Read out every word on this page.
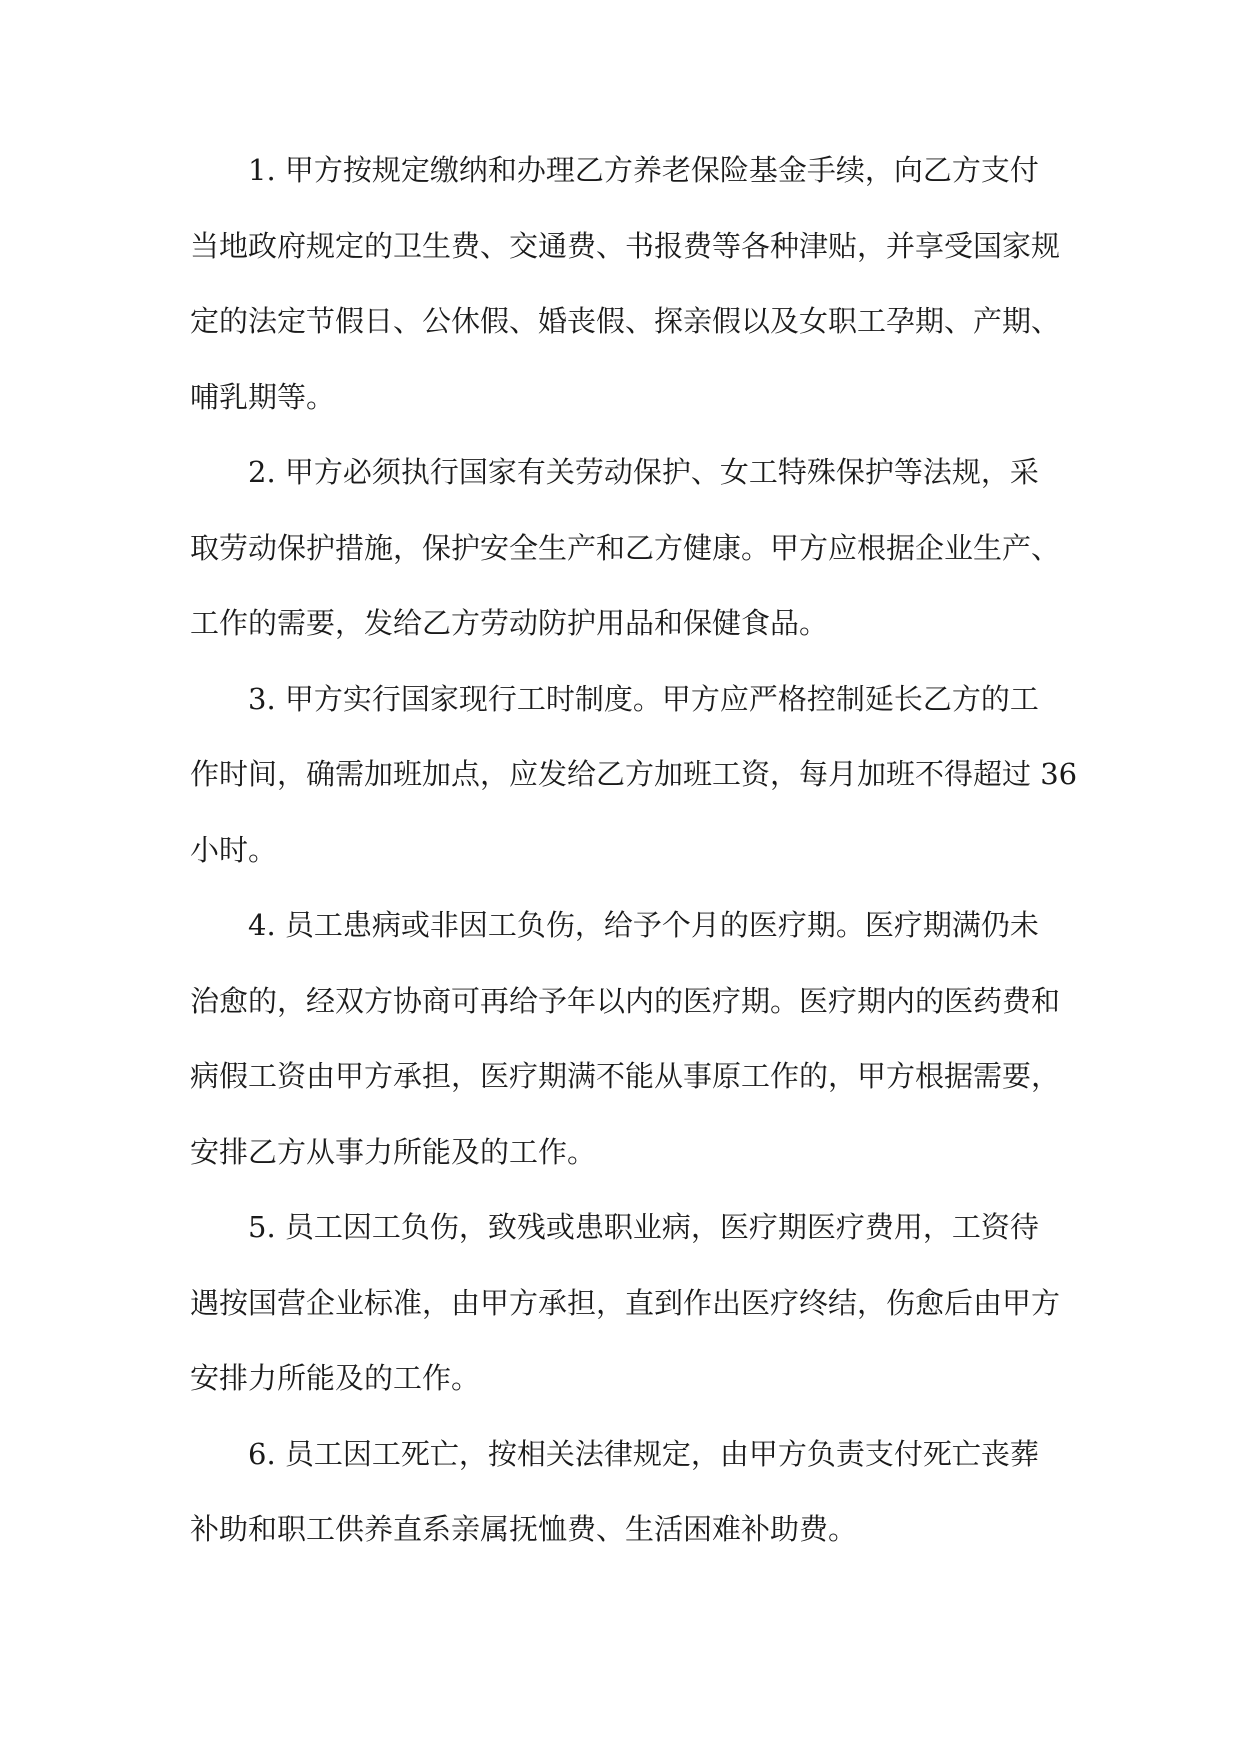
1. 甲方按规定缴纳和办理乙方养老保险基金手续，向乙方支付
当地政府规定的卫生费、交通费、书报费等各种津贴，并享受国家规
定的法定节假日、公休假、婚丧假、探亲假以及女职工孕期、产期、
哺乳期等。
2. 甲方必须执行国家有关劳动保护、女工特殊保护等法规，采
取劳动保护措施，保护安全生产和乙方健康。甲方应根据企业生产、
工作的需要，发给乙方劳动防护用品和保健食品。
3. 甲方实行国家现行工时制度。甲方应严格控制延长乙方的工
作时间，确需加班加点，应发给乙方加班工资，每月加班不得超过 36
小时。
4. 员工患病或非因工负伤，给予个月的医疗期。医疗期满仍未
治愈的，经双方协商可再给予年以内的医疗期。医疗期内的医药费和
病假工资由甲方承担，医疗期满不能从事原工作的，甲方根据需要，
安排乙方从事力所能及的工作。
5. 员工因工负伤，致残或患职业病，医疗期医疗费用，工资待
遇按国营企业标准，由甲方承担，直到作出医疗终结，伤愈后由甲方
安排力所能及的工作。
6. 员工因工死亡，按相关法律规定，由甲方负责支付死亡丧葬
补助和职工供养直系亲属抚恤费、生活困难补助费。
